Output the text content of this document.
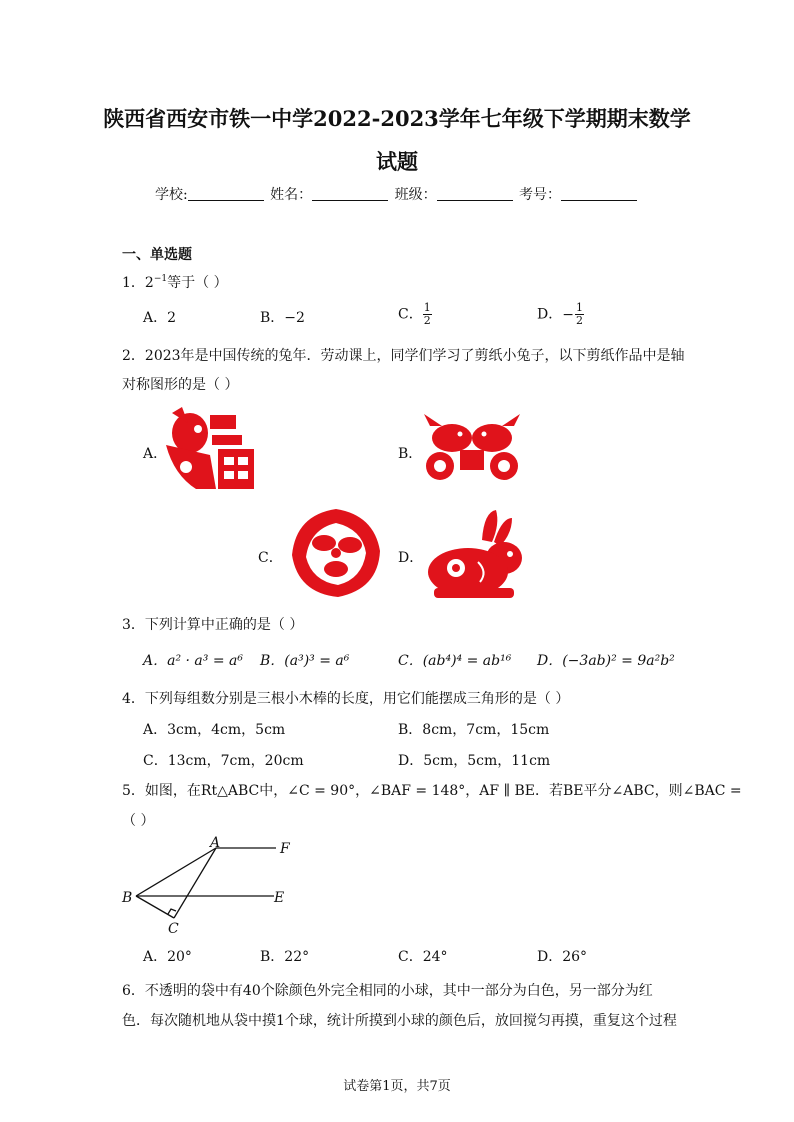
陕西省西安市铁一中学2022-2023学年七年级下学期期末数学
试题
学校:	姓名：	班级：	考号：
一、单选题
1．$2^{-1}$等于（ ）
A．2	B．−2	C． $\frac{1}{2}$	D．− $\frac{1}{2}$
2．2023年是中国传统的兔年．劳动课上，同学们学习了剪纸小兔子，以下剪纸作品中是轴
对称图形的是（ ）
A．	B．
C．	D．
3．下列计算中正确的是（ ）
A．a² · a³ = a⁶ B．(a³)³ = a⁶	C．(ab⁴)⁴ = ab¹⁶ D．(−3ab)² = 9a²b²
4．下列每组数分别是三根小木棒的长度，用它们能摆成三角形的是（ ）
A．3cm，4cm，5cm	B．8cm，7cm，15cm
C．13cm，7cm，20cm	D．5cm，5cm，11cm
5．如图，在Rt△ABC中，∠C = 90°，∠BAF = 148°，AF ∥ BE．若BE平分∠ABC，则∠BAC =
（ ）
A	F
B	E
C
A．20°	B．22°	C．24°	D．26°
6．不透明的袋中有40个除颜色外完全相同的小球，其中一部分为白色，另一部分为红
色．每次随机地从袋中摸1个球，统计所摸到小球的颜色后，放回搅匀再摸，重复这个过程
试卷第1页，共7页
